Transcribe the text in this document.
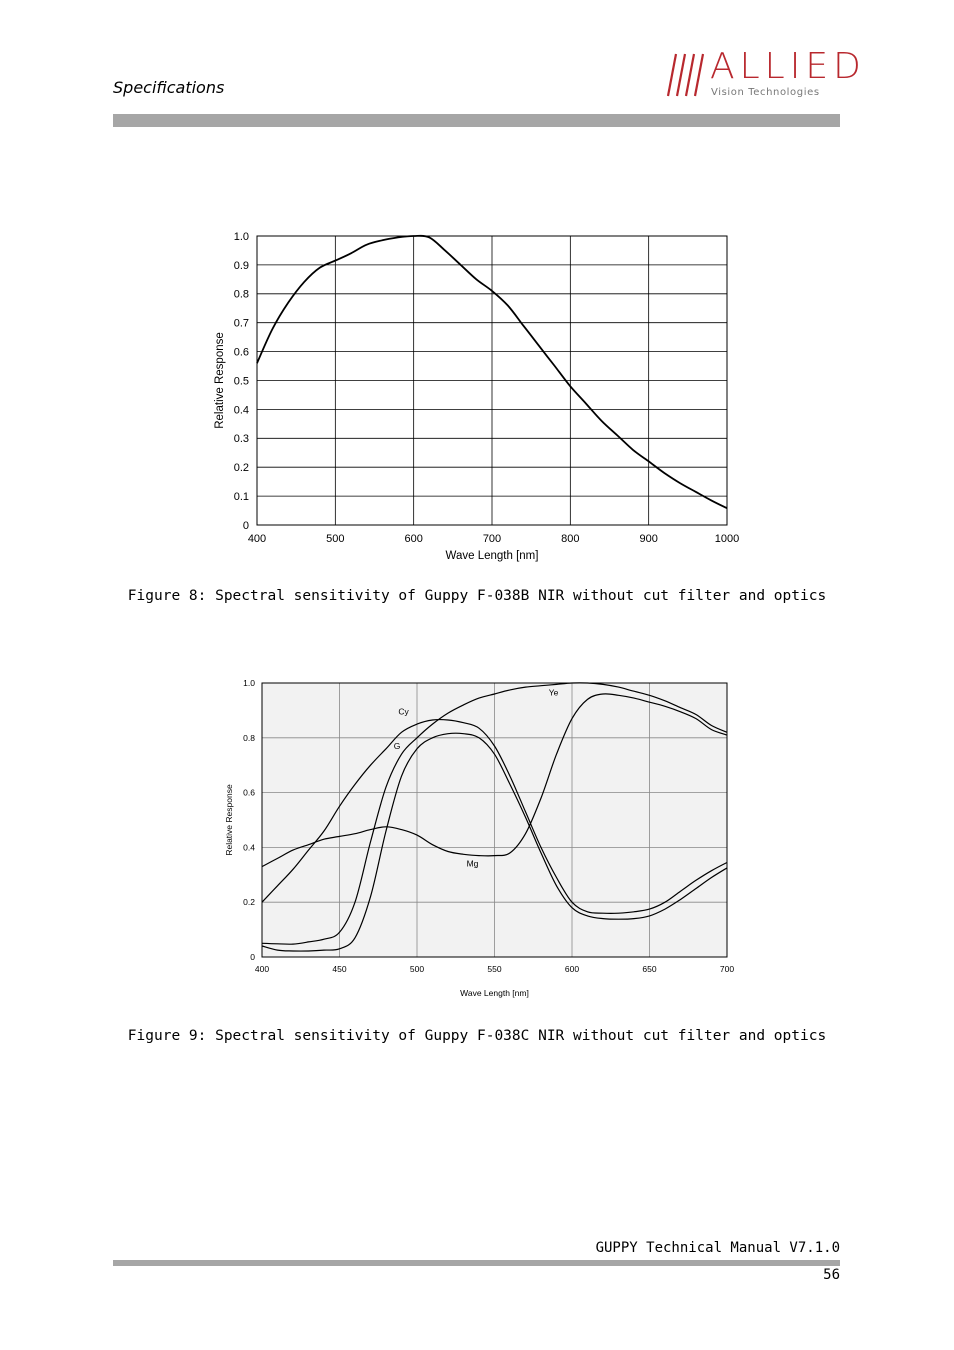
Specifications
ALLIED
Vision Technologies
400	500	600	700	800	900	1000
0
0.1
0.2
0.3
0.4
0.5
0.6
0.7
0.8
0.9
1.0
Wave Length [nm]
Relative Response
Figure 8: Spectral sensitivity of Guppy F-038B NIR without cut filter and optics
400	450	500	550	600	650	700
0
0.2
0.4
0.6
0.8
1.0
Wave Length [nm]
Relative Response
Cy
G
Ye
Mg
Figure 9: Spectral sensitivity of Guppy F-038C NIR without cut filter and optics
GUPPY Technical Manual V7.1.0
56
